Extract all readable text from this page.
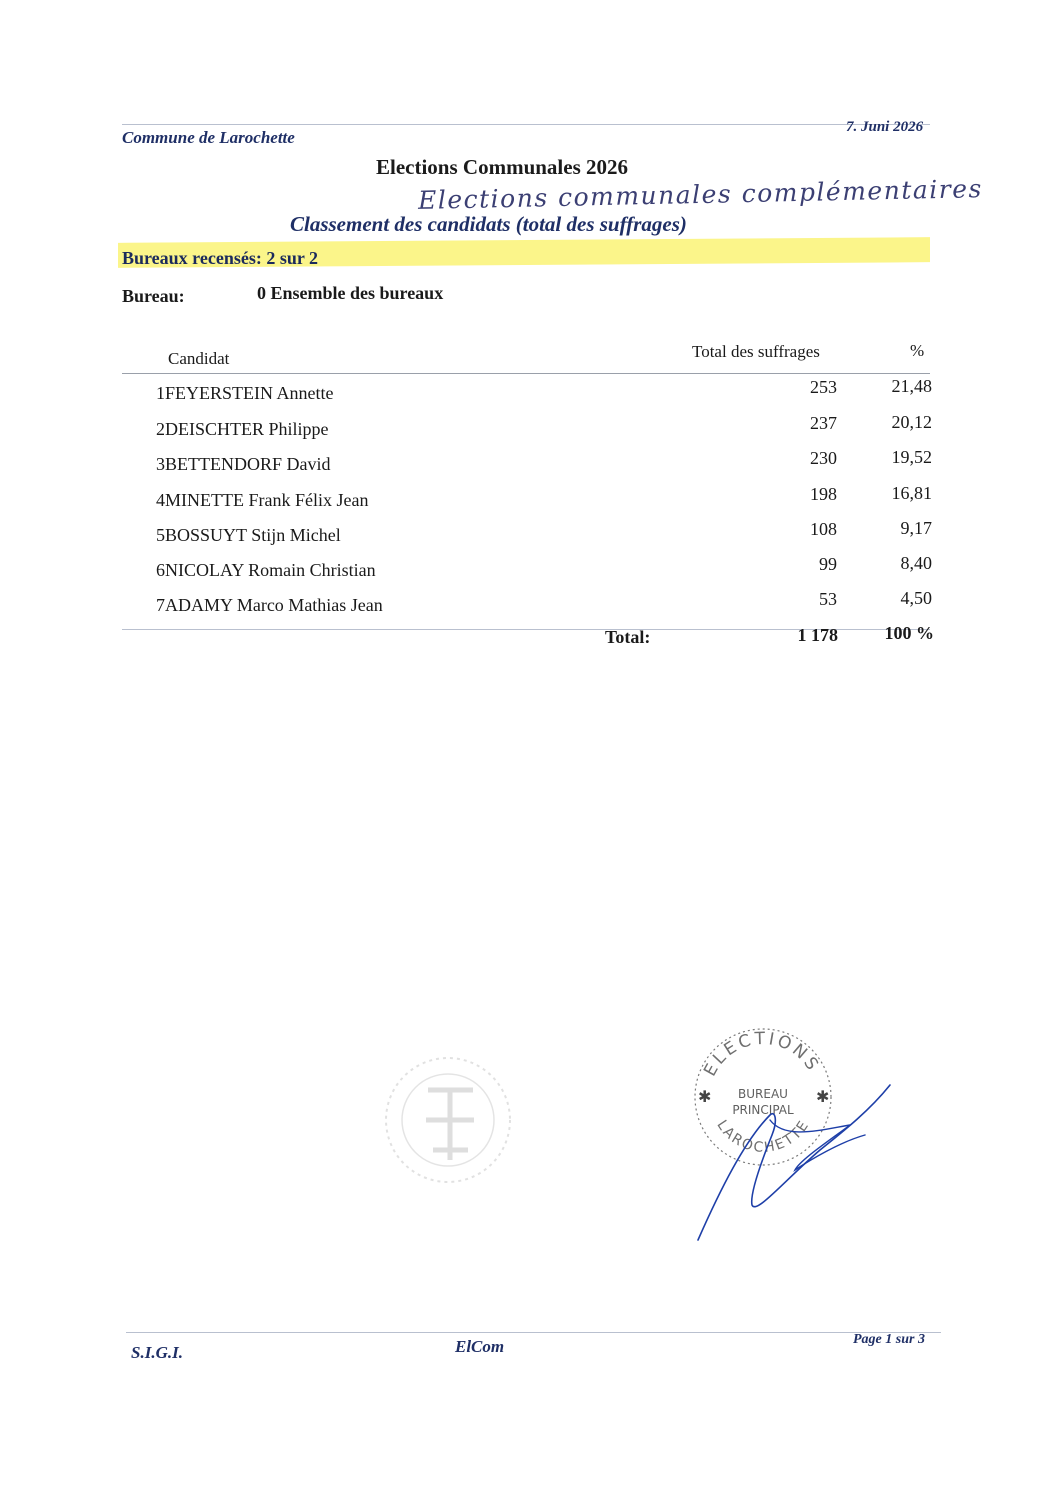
Commune de Larochette
7. Juni 2026
Elections Communales 2026
Elections communales complémentaires
Classement des candidats (total des suffrages)
Bureaux recensés: 2 sur 2
Bureau:	0 Ensemble des bureaux
Candidat	Total des suffrages	%
1FEYERSTEIN Annette	253	21,48
2DEISCHTER Philippe	237	20,12
3BETTENDORF David	230	19,52
4MINETTE Frank Félix Jean	198	16,81
5BOSSUYT Stijn Michel	108	9,17
6NICOLAY Romain Christian	99	8,40
7ADAMY Marco Mathias Jean	53	4,50
Total:	1 178	100 %
ELECTIONS
✱	✱
BUREAU
PRINCIPAL
LAROCHETTE
S.I.G.I.	ElCom	Page 1 sur 3
